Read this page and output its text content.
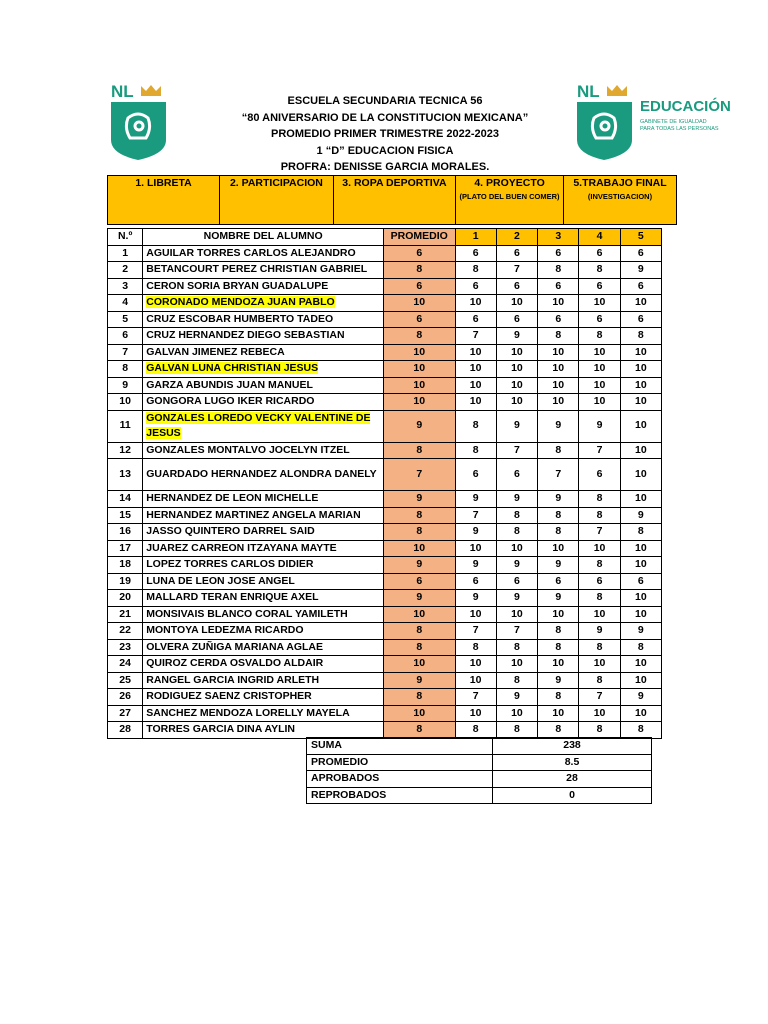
NL	ESCUELA SECUNDARIA TECNICA 56
“80 ANIVERSARIO DE LA CONSTITUCION MEXICANA”
PROMEDIO PRIMER TRIMESTRE 2022-2023
1 “D” EDUCACION FISICA
PROFRA: DENISSE GARCIA MORALES.
NL
EDUCACIÓN
GABINETE DE IGUALDAD
PARA TODAS LAS PERSONAS
1. LIBRETA	2. PARTICIPACION	3. ROPA DEPORTIVA	4. PROYECTO
(PLATO DEL BUEN COMER)
	5.TRABAJO FINAL
(INVESTIGACION)
N.º	NOMBRE DEL ALUMNO	PROMEDIO	1	2	3	4	5
1	AGUILAR TORRES CARLOS ALEJANDRO	6	6	6	6	6	6
2	BETANCOURT PEREZ CHRISTIAN GABRIEL	8	8	7	8	8	9
3	CERON SORIA BRYAN GUADALUPE	6	6	6	6	6	6
4	CORONADO MENDOZA JUAN PABLO	10	10	10	10	10	10
5	CRUZ ESCOBAR HUMBERTO TADEO	6	6	6	6	6	6
6	CRUZ HERNANDEZ DIEGO SEBASTIAN	8	7	9	8	8	8
7	GALVAN JIMENEZ REBECA	10	10	10	10	10	10
8	GALVAN LUNA CHRISTIAN JESUS	10	10	10	10	10	10
9	GARZA ABUNDIS JUAN MANUEL	10	10	10	10	10	10
10	GONGORA LUGO IKER RICARDO	10	10	10	10	10	10
11	GONZALES LOREDO VECKY VALENTINE DE JESUS	9	8	9	9	9	10
12	GONZALES MONTALVO JOCELYN ITZEL	8	8	7	8	7	10
13	GUARDADO HERNANDEZ ALONDRA DANELY	7	6	6	7	6	10
14	HERNANDEZ DE LEON MICHELLE	9	9	9	9	8	10
15	HERNANDEZ MARTINEZ ANGELA MARIAN	8	7	8	8	8	9
16	JASSO QUINTERO DARREL SAID	8	9	8	8	7	8
17	JUAREZ CARREON ITZAYANA MAYTE	10	10	10	10	10	10
18	LOPEZ TORRES CARLOS DIDIER	9	9	9	9	8	10
19	LUNA DE LEON JOSE ANGEL	6	6	6	6	6	6
20	MALLARD TERAN ENRIQUE AXEL	9	9	9	9	8	10
21	MONSIVAIS BLANCO CORAL YAMILETH	10	10	10	10	10	10
22	MONTOYA LEDEZMA RICARDO	8	7	7	8	9	9
23	OLVERA ZUÑIGA MARIANA AGLAE	8	8	8	8	8	8
24	QUIROZ CERDA OSVALDO ALDAIR	10	10	10	10	10	10
25	RANGEL GARCIA INGRID ARLETH	9	10	8	9	8	10
26	RODIGUEZ SAENZ CRISTOPHER	8	7	9	8	7	9
27	SANCHEZ MENDOZA LORELLY MAYELA	10	10	10	10	10	10
28	TORRES GARCIA DINA AYLIN	8	8	8	8	8	8
SUMA	238
PROMEDIO	8.5
APROBADOS	28
REPROBADOS	0
